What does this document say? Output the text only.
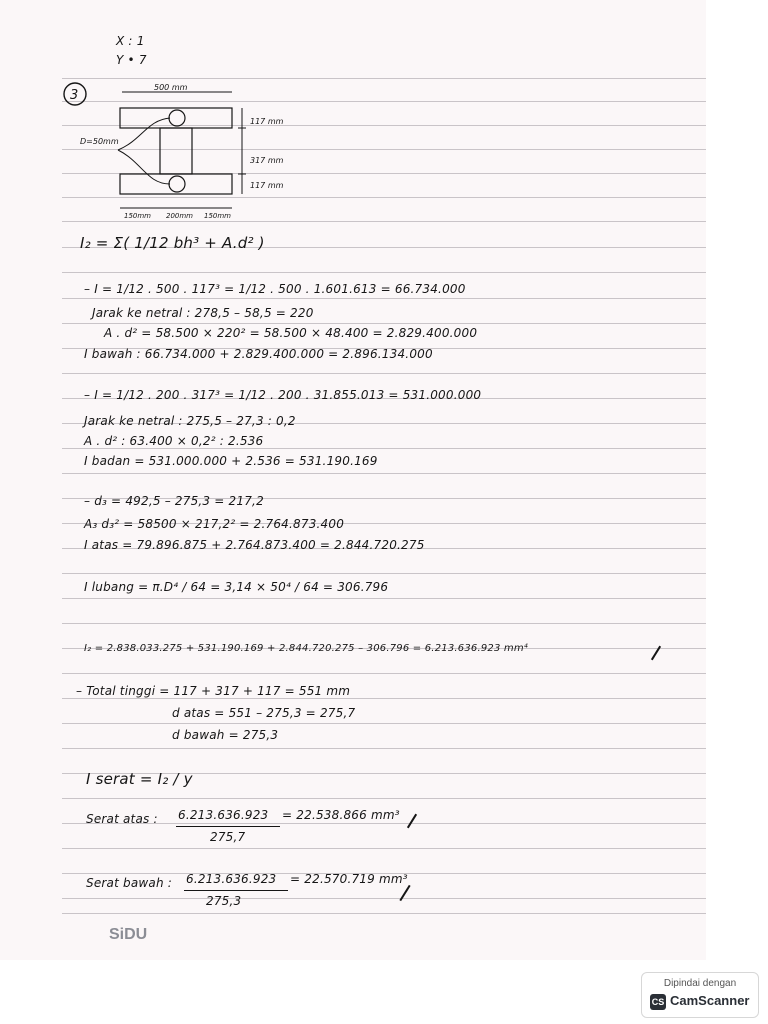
X : 1
Y • 7
3
500 mm
D=50mm
117 mm
317 mm
117 mm
150mm 200mm 150mm
I₂ = Σ( 1/12 bh³ + A.d² )
– I = 1/12 . 500 . 117³ = 1/12 . 500 . 1.601.613 = 66.734.000
Jarak ke netral : 278,5 – 58,5 = 220
A . d² = 58.500 × 220² = 58.500 × 48.400 = 2.829.400.000
I bawah : 66.734.000 + 2.829.400.000 = 2.896.134.000
– I = 1/12 . 200 . 317³ = 1/12 . 200 . 31.855.013 = 531.000.000
Jarak ke netral : 275,5 – 27,3 : 0,2
A . d² : 63.400 × 0,2² : 2.536
I badan = 531.000.000 + 2.536 = 531.190.169
– d₃ = 492,5 – 275,3 = 217,2
A₃ d₃² = 58500 × 217,2² = 2.764.873.400
I atas = 79.896.875 + 2.764.873.400 = 2.844.720.275
I lubang = π.D⁴ / 64 = 3,14 × 50⁴ / 64 = 306.796
I₂ = 2.838.033.275 + 531.190.169 + 2.844.720.275 – 306.796 = 6.213.636.923 mm⁴
– Total tinggi = 117 + 317 + 117 = 551 mm
d atas = 551 – 275,3 = 275,7
d bawah = 275,3
I serat = I₂ / y
Serat atas : 6.213.636.923
275,7
= 22.538.866 mm³
Serat bawah : 6.213.636.923
275,3
= 22.570.719 mm³
SiDU
Dipindai dengan
CS CamScanner
